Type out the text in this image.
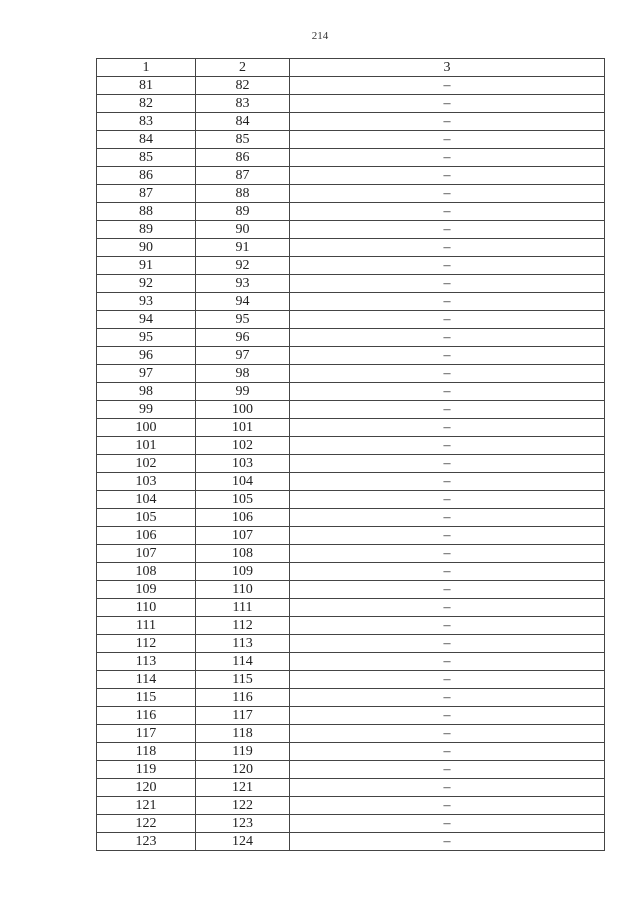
214
1	2	3
81	82	–
82	83	–
83	84	–
84	85	–
85	86	–
86	87	–
87	88	–
88	89	–
89	90	–
90	91	–
91	92	–
92	93	–
93	94	–
94	95	–
95	96	–
96	97	–
97	98	–
98	99	–
99	100	–
100	101	–
101	102	–
102	103	–
103	104	–
104	105	–
105	106	–
106	107	–
107	108	–
108	109	–
109	110	–
110	111	–
111	112	–
112	113	–
113	114	–
114	115	–
115	116	–
116	117	–
117	118	–
118	119	–
119	120	–
120	121	–
121	122	–
122	123	–
123	124	–
